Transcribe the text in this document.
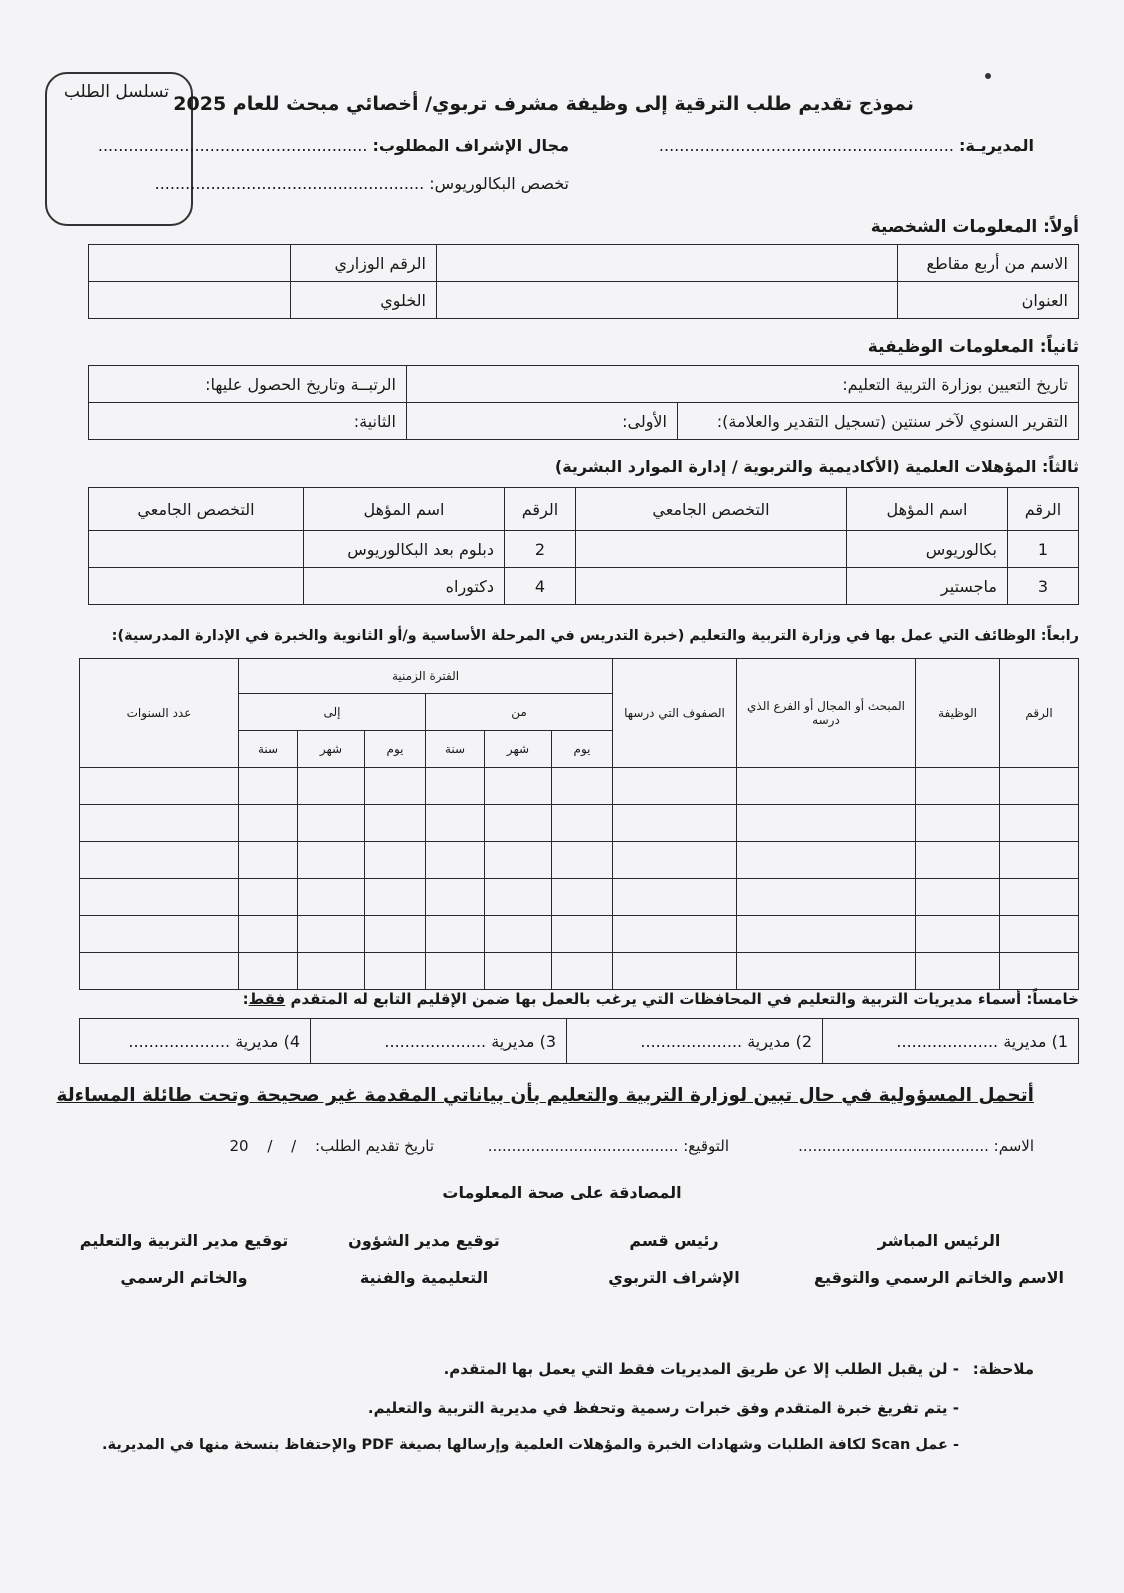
تسلسل الطلب
نموذج تقديم طلب الترقية إلى وظيفة مشرف تربوي/ أخصائي مبحث للعام 2025
المديريـة: ..........................................................
مجال الإشراف المطلوب: .....................................................
تخصص البكالوريوس: .....................................................
أولاً: المعلومات الشخصية
الاسم من أربع مقاطع		الرقم الوزاري	
العنوان		الخلوي	
ثانياً: المعلومات الوظيفية
تاريخ التعيين بوزارة التربية التعليم:		الرتبــة وتاريخ الحصول عليها:
التقرير السنوي لآخر سنتين (تسجيل التقدير والعلامة):	الأولى:	الثانية:
ثالثاً: المؤهلات العلمية (الأكاديمية والتربوية / إدارة الموارد البشرية)
الرقم	اسم المؤهل	التخصص الجامعي	الرقم	اسم المؤهل	التخصص الجامعي
1	بكالوريوس		2	دبلوم بعد البكالوريوس	
3	ماجستير		4	دكتوراه	
رابعاً: الوظائف التي عمل بها في وزارة التربية والتعليم (خبرة التدريس في المرحلة الأساسية و/أو الثانوية والخبرة في الإدارة المدرسية):
الرقم	الوظيفة	المبحث أو المجال أو الفرع الذي درسه	الصفوف التي درسها	الفترة الزمنية						عدد السنوات
				من			إلى			
				يوم	شهر	سنة	يوم	شهر	سنة	

خامساً: أسماء مديريات التربية والتعليم في المحافظات التي يرغب بالعمل بها ضمن الإقليم التابع له المتقدم فقط:
1) مديرية ....................	2) مديرية ....................	3) مديرية ....................	4) مديرية ....................
أتحمل المسؤولية في حال تبين لوزارة التربية والتعليم بأن بياناتي المقدمة غير صحيحة وتحت طائلة المساءلة
الاسم: ........................................
التوقيع: ........................................
تاريخ تقديم الطلب: / / 20
المصادقة على صحة المعلومات
الرئيس المباشر
الاسم والخاتم الرسمي والتوقيع
رئيس قسم
الإشراف التربوي
توقيع مدير الشؤون
التعليمية والفنية
توقيع مدير التربية والتعليم
والخاتم الرسمي
ملاحظة:
- لن يقبل الطلب إلا عن طريق المديريات فقط التي يعمل بها المتقدم.
- يتم تفريغ خبرة المتقدم وفق خبرات رسمية وتحفظ في مديرية التربية والتعليم.
- عمل Scan لكافة الطلبات وشهادات الخبرة والمؤهلات العلمية وإرسالها بصيغة PDF والإحتفاظ بنسخة منها في المديرية.
